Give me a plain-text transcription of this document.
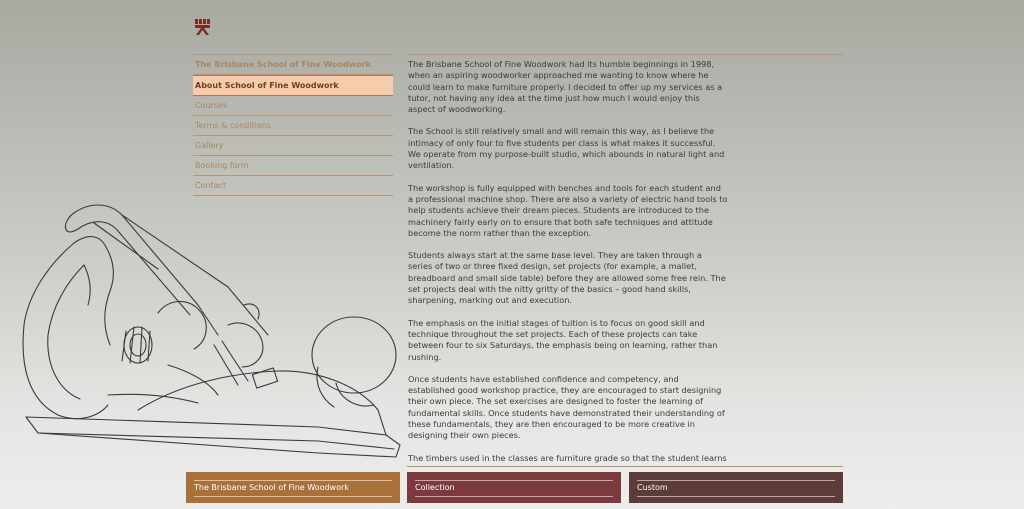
The Brisbane School of Fine Woodwork
About School of Fine Woodwork
Courses
Terms & conditions
Gallery
Booking form
Contact

The Brisbane School of Fine Woodwork had its humble beginnings in 1998, when an aspiring woodworker approached me wanting to know where he could learn to make furniture properly. I decided to offer up my services as a tutor, not having any idea at the time just how much I would enjoy this aspect of woodworking.

The School is still relatively small and will remain this way, as I believe the intimacy of only four to five students per class is what makes it successful. We operate from my purpose-built studio, which abounds in natural light and ventilation.

The workshop is fully equipped with benches and tools for each student and a professional machine shop. There are also a variety of electric hand tools to help students achieve their dream pieces. Students are introduced to the machinery fairly early on to ensure that both safe techniques and attitude become the norm rather than the exception.

Students always start at the same base level. They are taken through a series of two or three fixed design, set projects (for example, a mallet, breadboard and small side table) before they are allowed some free rein. The set projects deal with the nitty gritty of the basics – good hand skills, sharpening, marking out and execution.

The emphasis on the initial stages of tuition is to focus on good skill and technique throughout the set projects. Each of these projects can take between four to six Saturdays, the emphasis being on learning, rather than rushing.

Once students have established confidence and competency, and established good workshop practice, they are encouraged to start designing their own piece. The set exercises are designed to foster the learning of fundamental skills. Once students have demonstrated their understanding of these fundamentals, they are then encouraged to be more creative in designing their own pieces.

The timbers used in the classes are furniture grade so that the student learns

The Brisbane School of Fine Woodwork	Collection	Custom
